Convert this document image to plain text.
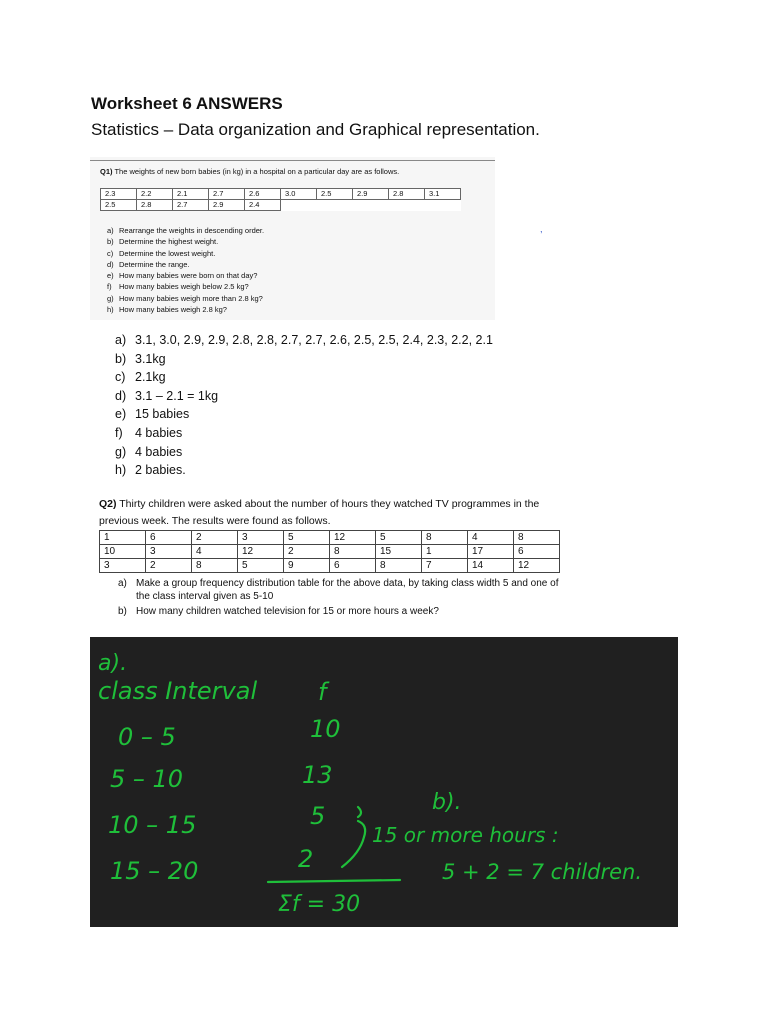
Worksheet 6 ANSWERS
Statistics – Data organization and Graphical representation.
Q1) The weights of new born babies (in kg) in a hospital on a particular day are as follows.
2.3	2.2	2.1	2.7	2.6	3.0	2.5	2.9	2.8	3.1
2.5	2.8	2.7	2.9	2.4					
a) Rearrange the weights in descending order.
b) Determine the highest weight.
c) Determine the lowest weight.
d) Determine the range.
e) How many babies were born on that day?
f) How many babies weigh below 2.5 kg?
g) How many babies weigh more than 2.8 kg?
h) How many babies weigh 2.8 kg?
,
a) 3.1, 3.0, 2.9, 2.9, 2.8, 2.8, 2.7, 2.7, 2.6, 2.5, 2.5, 2.4, 2.3, 2.2, 2.1
b) 3.1kg
c) 2.1kg
d) 3.1 – 2.1 = 1kg
e) 15 babies
f) 4 babies
g) 4 babies
h) 2 babies.
Q2) Thirty children were asked about the number of hours they watched TV programmes in the previous week. The results were found as follows.
1	6	2	3	5	12	5	8	4	8
10	3	4	12	2	8	15	1	17	6
3	2	8	5	9	6	8	7	14	12
a) Make a group frequency distribution table for the above data, by taking class width 5 and one of the class interval given as 5-10
b) How many children watched television for 15 or more hours a week?
a).
class Interval	f
0 – 5	10
5 – 10	13
10 – 15	5
15 – 20	2
Σf = 30
b).
15 or more hours :
5 + 2 = 7 children.
